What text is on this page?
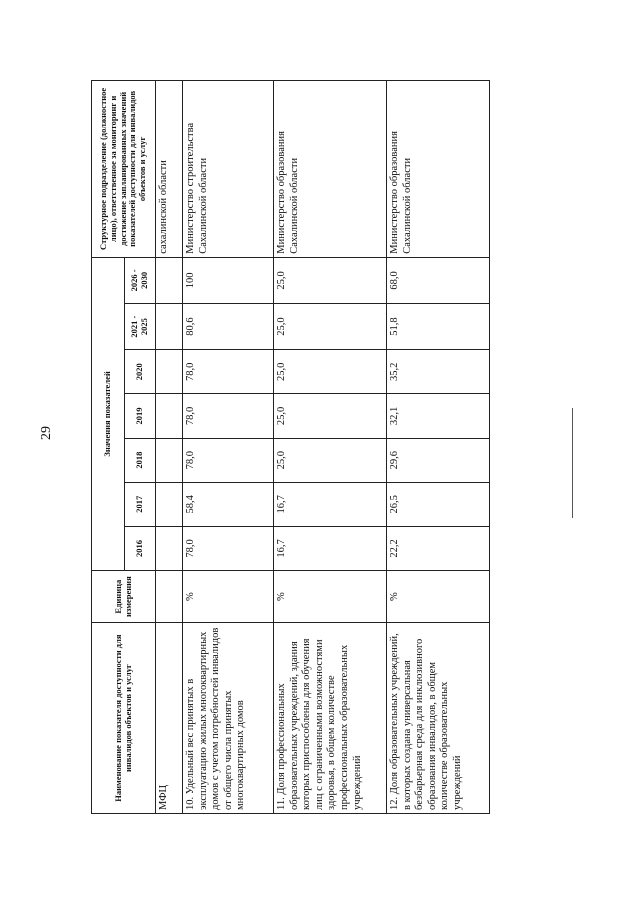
29
Наименование показателя доступности для инвалидов объектов и услуг	Единица измерения	Значения показателей							Структурное подразделение (должностное лицо), ответственное за мониторинг и достижение запланированных значений показателей доступности для инвалидов объектов и услуг
		2016	2017	2018	2019	2020	2021 - 2025	2026 - 2030	
МФЦ									сахалинской области
10. Удельный вес принятых в эксплуатацию жилых многоквартирных домов с учетом потребностей инвалидов от общего числа принятых многоквартирных домов	%	78,0	58,4	78,0	78,0	78,0	80,6	100	Министерство строительства Сахалинской области
11. Доля профессиональных образовательных учреждений, здания которых приспособлены для обучения лиц с ограниченными возможностями здоровья, в общем количестве профессиональных образовательных учреждений	%	16,7	16,7	25,0	25,0	25,0	25,0	25,0	Министерство образования Сахалинской области
12. Доля образовательных учреждений, в которых создана универсальная безбарьерная среда для инклюзивного образования инвалидов, в общем количестве образовательных учреждений	%	22,2	26,5	29,6	32,1	35,2	51,8	68,0	Министерство образования Сахалинской области
